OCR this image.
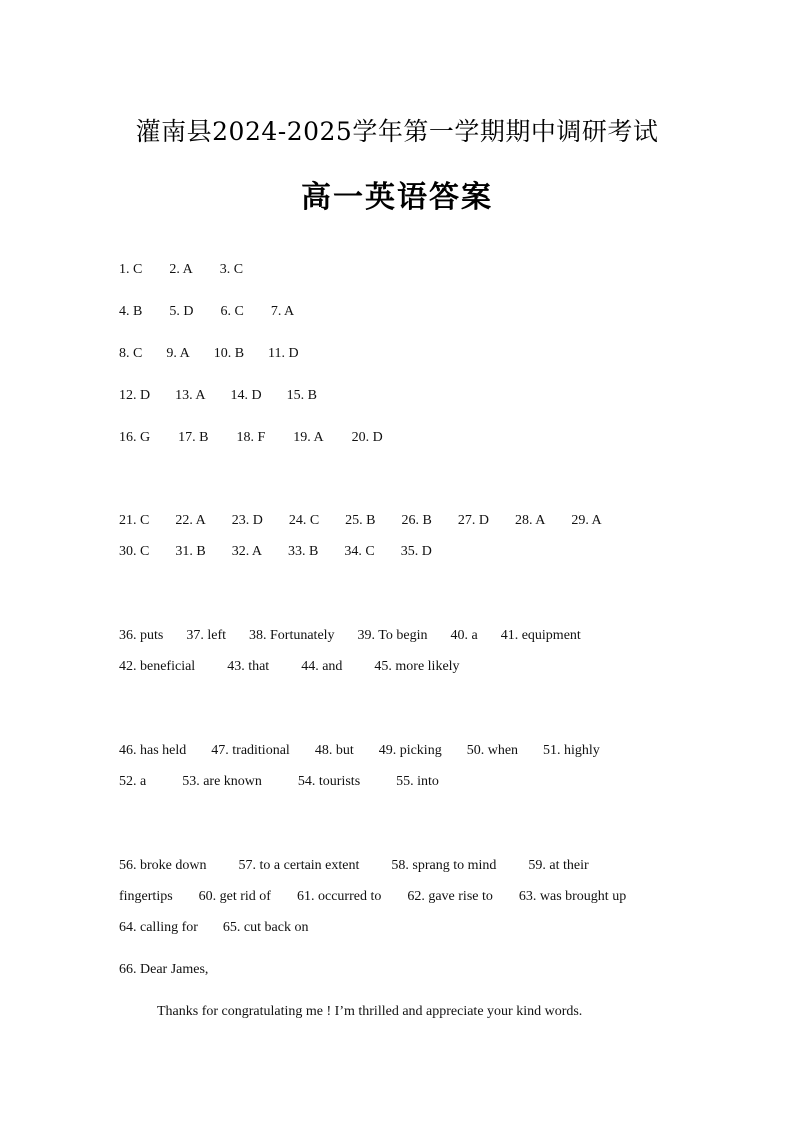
灌南县2024-2025学年第一学期期中调研考试
高一英语答案
1. C 2. A 3. C
4. B 5. D 6. C 7. A
8. C 9. A 10. B 11. D
12. D 13. A 14. D 15. B
16. G 17. B 18. F 19. A 20. D
21. C 22. A 23. D 24. C 25. B 26. B 27. D 28. A 29. A
30. C 31. B 32. A 33. B 34. C 35. D
36. puts 37. left 38. Fortunately 39. To begin 40. a 41. equipment
42. beneficial 43. that 44. and 45. more likely
46. has held 47. traditional 48. but 49. picking 50. when 51. highly
52. a	53. are known	54. tourists	55. into
56. broke down 57. to a certain extent 58. sprang to mind 59. at their
fingertips 60. get rid of 61. occurred to 62. gave rise to 63. was brought up
64. calling for 65. cut back on
66. Dear James,
Thanks for congratulating me ! I’m thrilled and appreciate your kind words.
